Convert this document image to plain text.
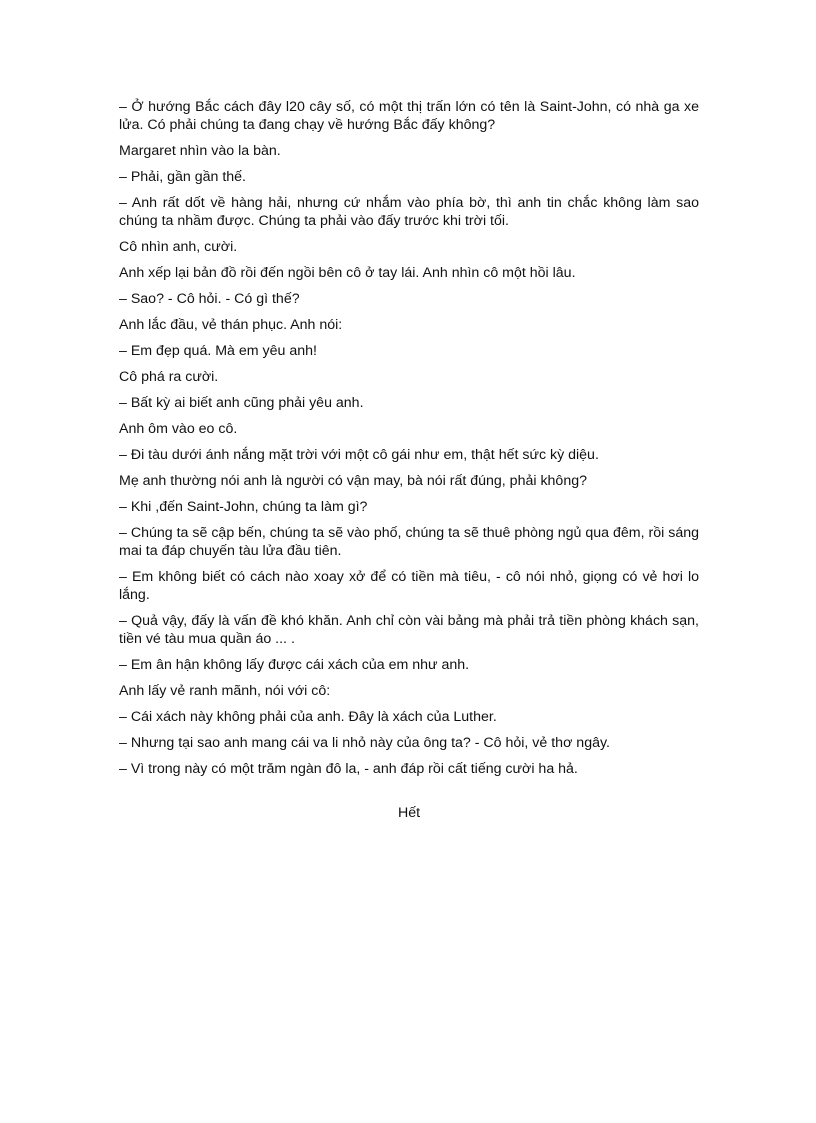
– Ở hướng Bắc cách đây l20 cây số, có một thị trấn lớn có tên là Saint-John, có nhà ga xe lửa. Có phải chúng ta đang chạy về hướng Bắc đấy không?

Margaret nhìn vào la bàn.

– Phải, gần gần thế.

– Anh rất dốt về hàng hải, nhưng cứ nhắm vào phía bờ, thì anh tin chắc không làm sao chúng ta nhầm được. Chúng ta phải vào đấy trước khi trời tối.

Cô nhìn anh, cười.

Anh xếp lại bản đồ rồi đến ngồi bên cô ở tay lái. Anh nhìn cô một hồi lâu.

– Sao? - Cô hỏi. - Có gì thế?

Anh lắc đầu, vẻ thán phục. Anh nói:

– Em đẹp quá. Mà em yêu anh!

Cô phá ra cười.

– Bất kỳ ai biết anh cũng phải yêu anh.

Anh ôm vào eo cô.

– Đi tàu dưới ánh nắng mặt trời với một cô gái như em, thật hết sức kỳ diệu.

Mẹ anh thường nói anh là người có vận may, bà nói rất đúng, phải không?

– Khi ,đến Saint-John, chúng ta làm gì?

– Chúng ta sẽ cập bến, chúng ta sẽ vào phố, chúng ta sẽ thuê phòng ngủ qua đêm, rồi sáng mai ta đáp chuyến tàu lửa đầu tiên.

– Em không biết có cách nào xoay xở để có tiền mà tiêu, - cô nói nhỏ, giọng có vẻ hơi lo lắng.

– Quả vậy, đấy là vấn đề khó khăn. Anh chỉ còn vài bảng mà phải trả tiền phòng khách sạn, tiền vé tàu mua quần áo ... .

– Em ân hận không lấy được cái xách của em như anh.

Anh lấy vẻ ranh mãnh, nói với cô:

– Cái xách này không phải của anh. Đây là xách của Luther.

– Nhưng tại sao anh mang cái va li nhỏ này của ông ta? - Cô hỏi, vẻ thơ ngây.

– Vì trong này có một trăm ngàn đô la, - anh đáp rồi cất tiếng cười ha hả.

Hết
